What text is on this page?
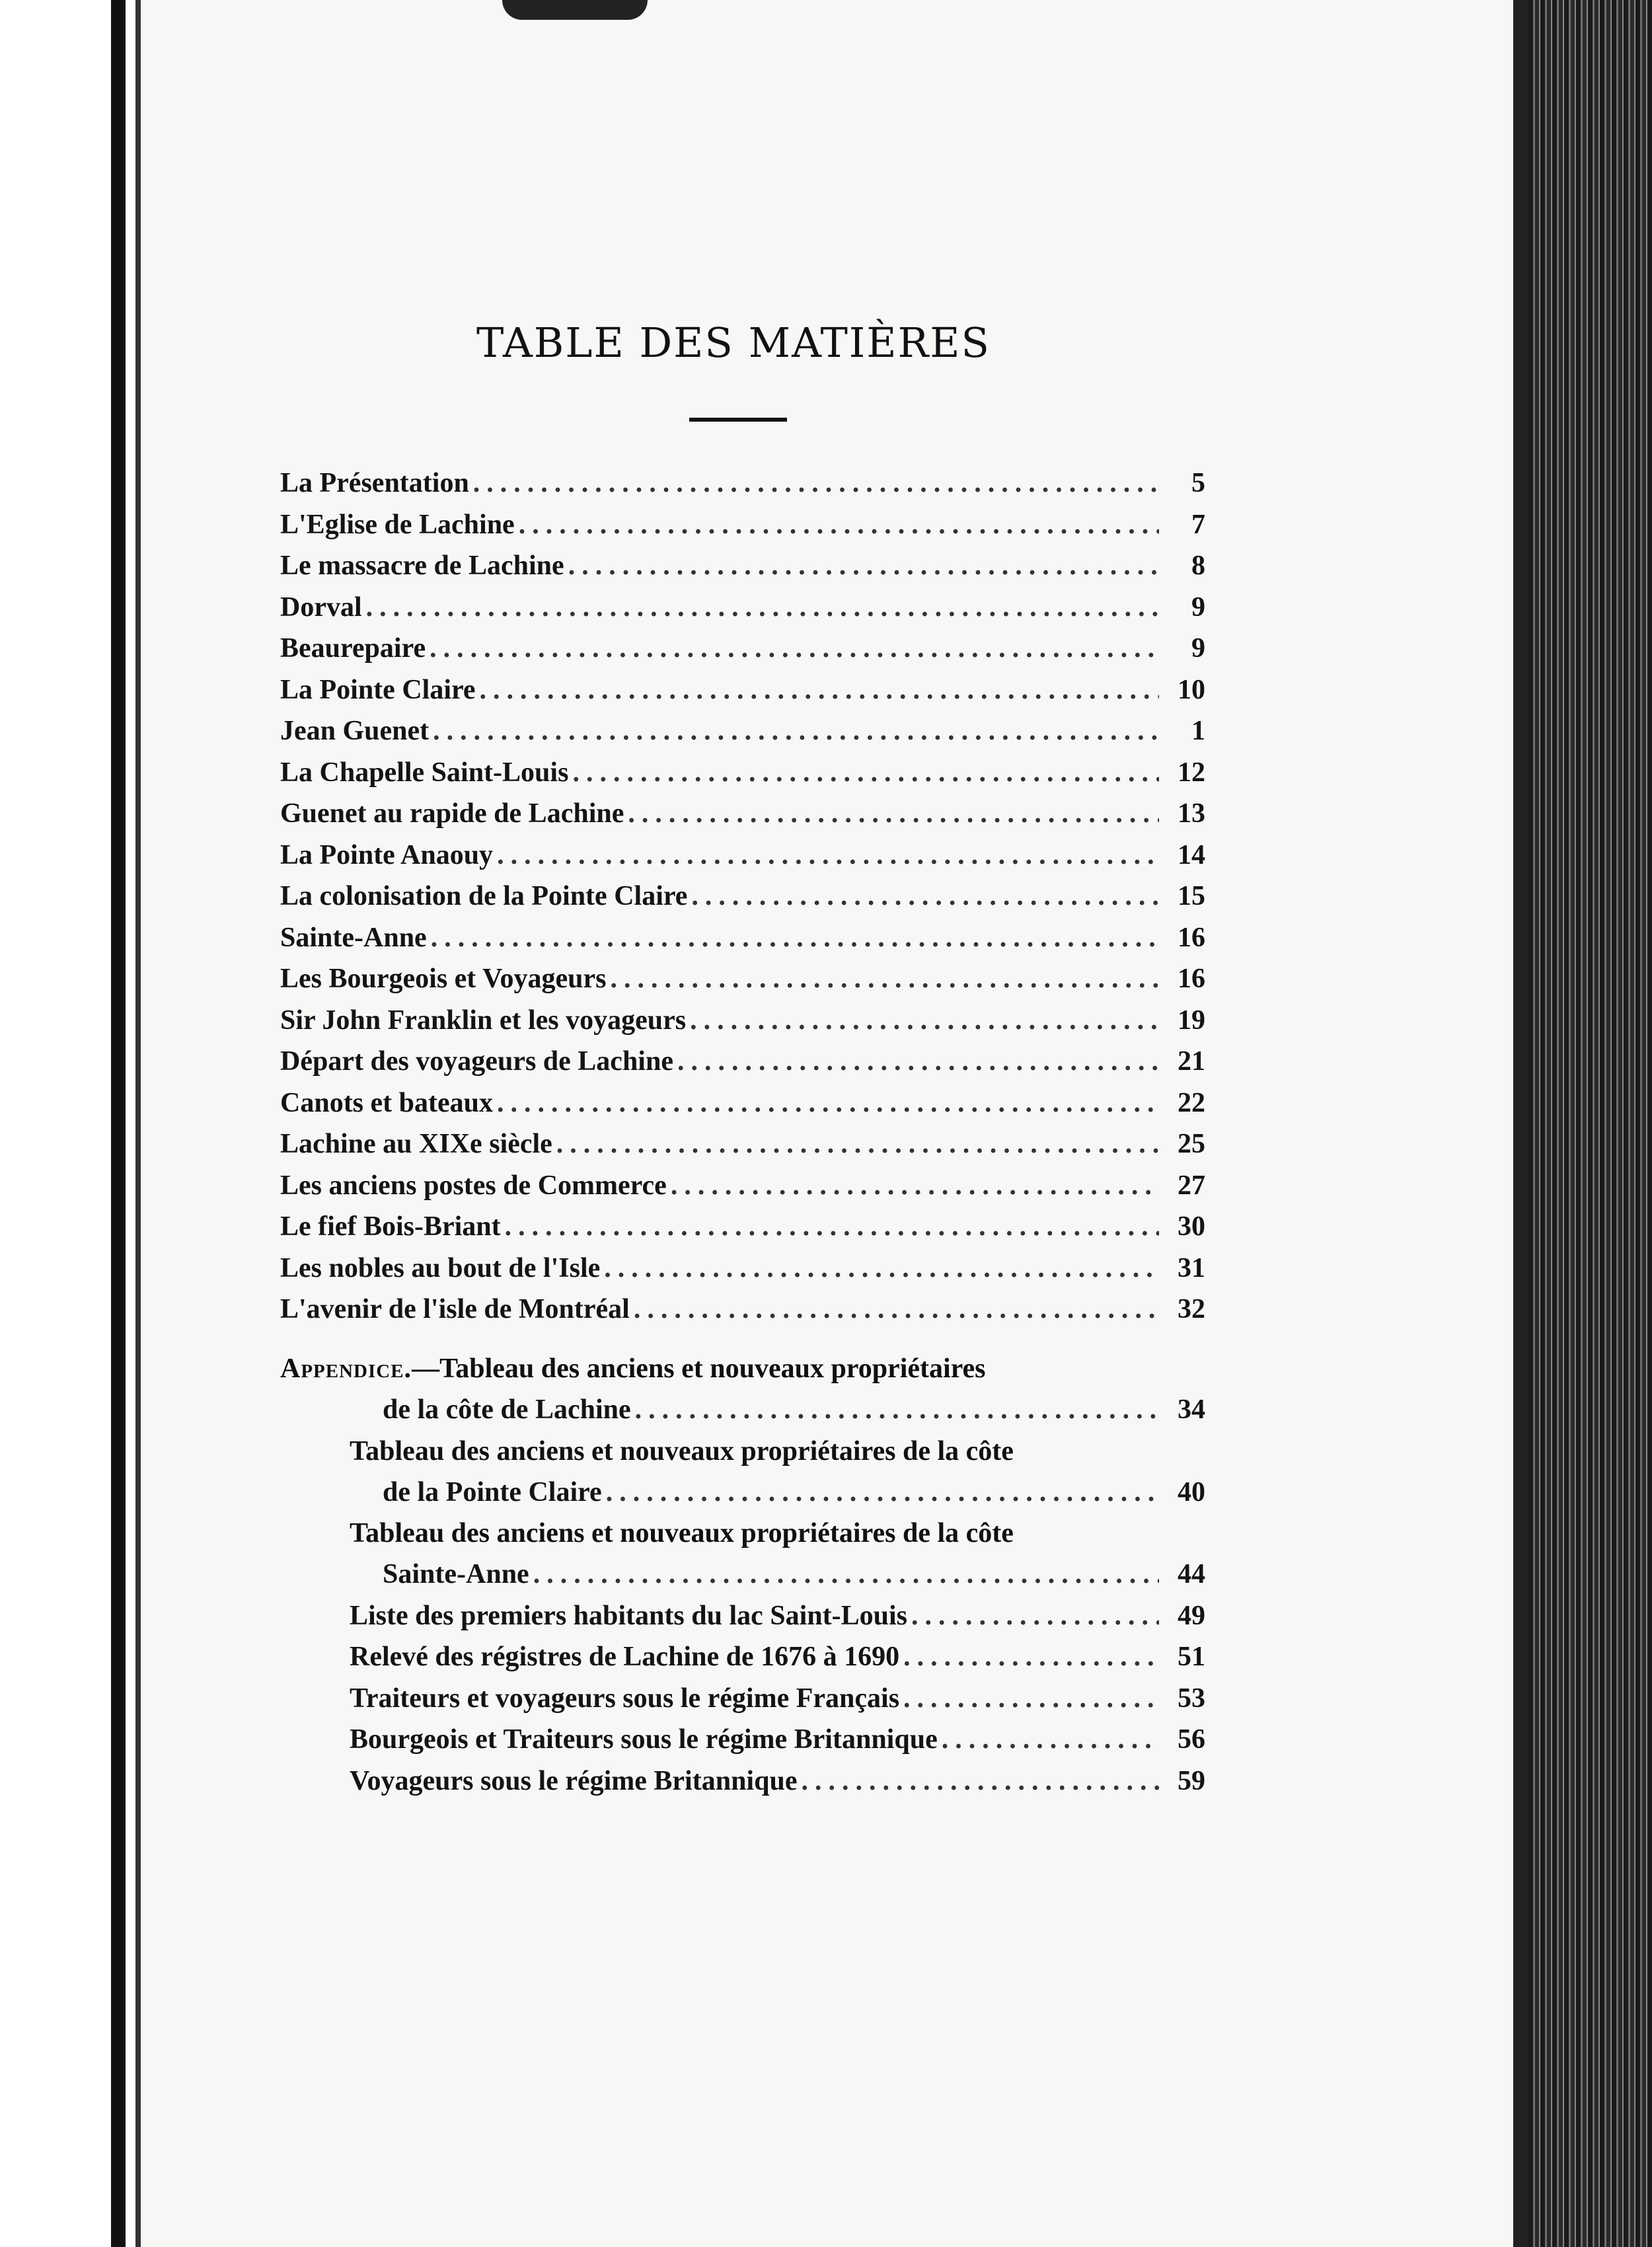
TABLE DES MATIÈRES
La Présentation .....	5
L'Eglise de Lachine .....	7
Le massacre de Lachine .....	8
Dorval .....	9
Beaurepaire .....	9
La Pointe Claire .....	10
Jean Guenet .....	1
La Chapelle Saint-Louis .....	12
Guenet au rapide de Lachine .....	13
La Pointe Anaouy .....	14
La colonisation de la Pointe Claire .....	15
Sainte-Anne .....	16
Les Bourgeois et Voyageurs .....	16
Sir John Franklin et les voyageurs .....	19
Départ des voyageurs de Lachine .....	21
Canots et bateaux .....	22
Lachine au XIXe siècle .....	25
Les anciens postes de Commerce .....	27
Le fief Bois-Briant .....	30
Les nobles au bout de l'Isle .....	31
L'avenir de l'isle de Montréal .....	32
Appendice.—Tableau des anciens et nouveaux propriétaires
de la côte de Lachine .....	34
Tableau des anciens et nouveaux propriétaires de la côte
de la Pointe Claire .....	40
Tableau des anciens et nouveaux propriétaires de la côte
Sainte-Anne .....	44
Liste des premiers habitants du lac Saint-Louis .....	49
Relevé des régistres de Lachine de 1676 à 1690 .....	51
Traiteurs et voyageurs sous le régime Français .....	53
Bourgeois et Traiteurs sous le régime Britannique .....	56
Voyageurs sous le régime Britannique .....	59
